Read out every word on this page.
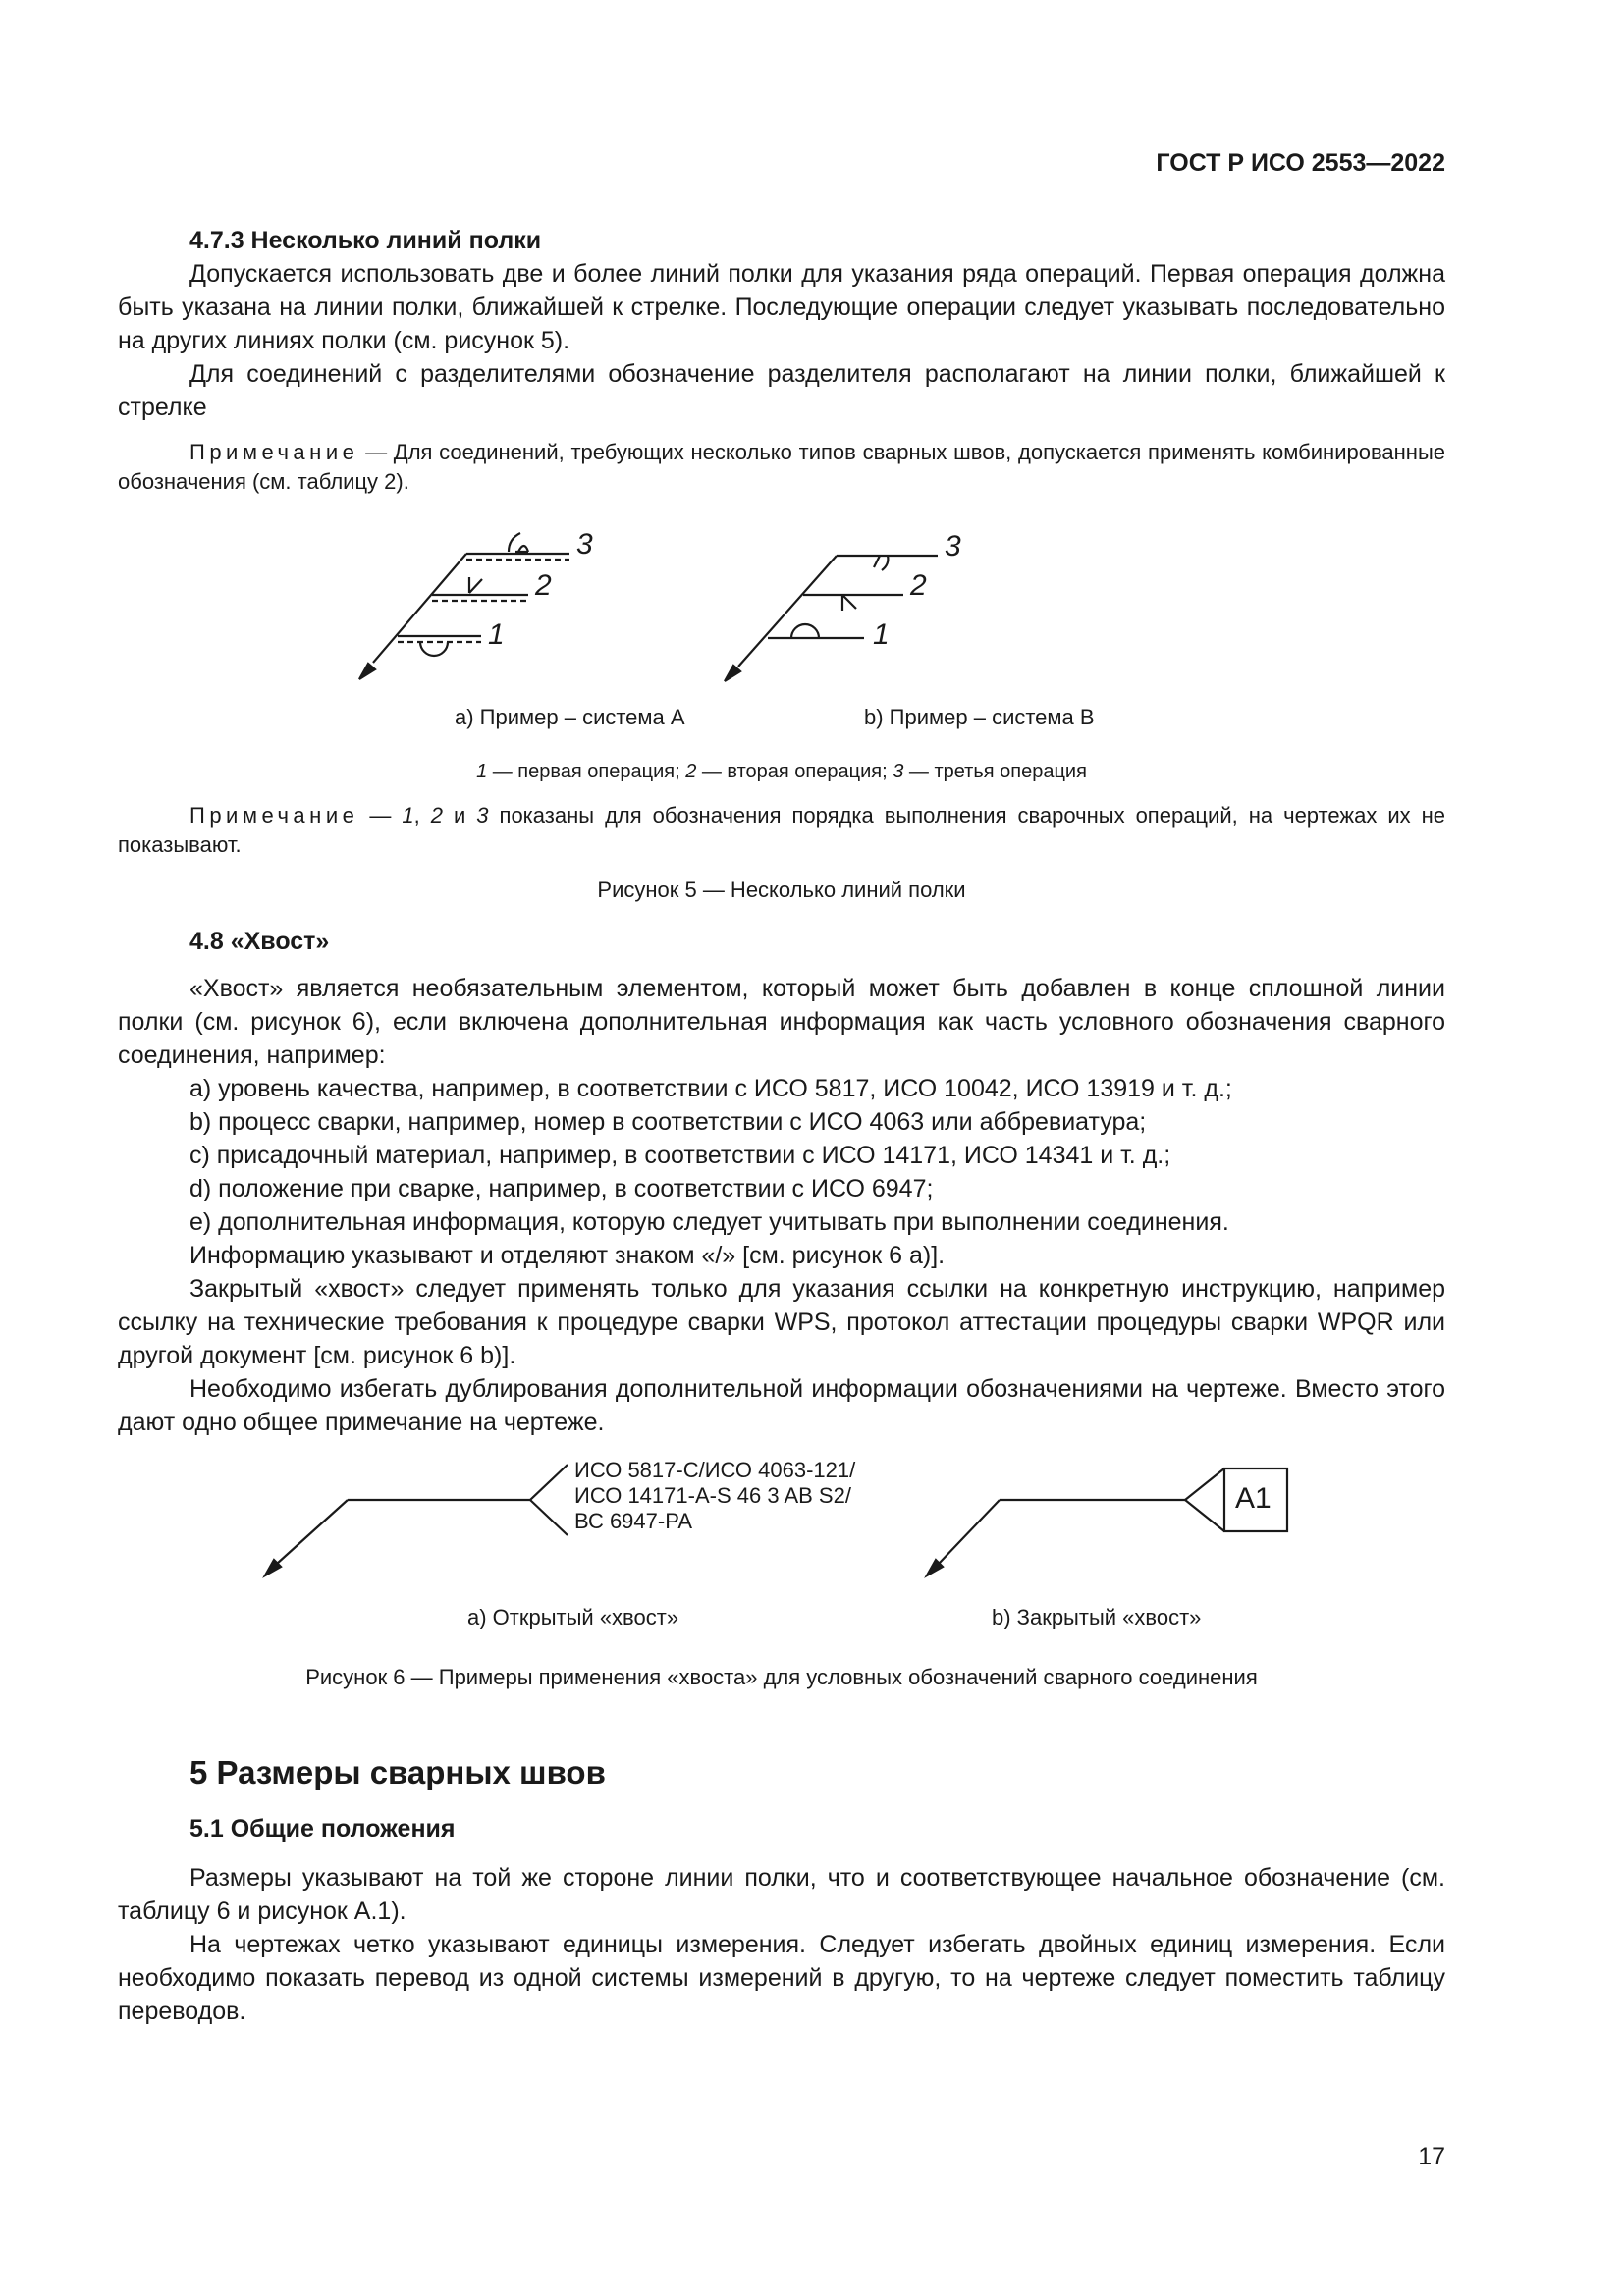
ГОСТ Р ИСО 2553—2022

4.7.3 Несколько линий полки

Допускается использовать две и более линий полки для указания ряда операций. Первая операция должна быть указана на линии полки, ближайшей к стрелке. Последующие операции следует указывать последовательно на других линиях полки (см. рисунок 5).

Для соединений с разделителями обозначение разделителя располагают на линии полки, ближайшей к стрелке

Примечание — Для соединений, требующих несколько типов сварных швов, допускается применять комбинированные обозначения (см. таблицу 2).

3
2
1
3
2
1
а) Пример – система А	b) Пример – система В

1 — первая операция; 2 — вторая операция; 3 — третья операция

Примечание — 1, 2 и 3 показаны для обозначения порядка выполнения сварочных операций, на чертежах их не показывают.

Рисунок 5 — Несколько линий полки

4.8 «Хвост»

«Хвост» является необязательным элементом, который может быть добавлен в конце сплошной линии полки (см. рисунок 6), если включена дополнительная информация как часть условного обозначения сварного соединения, например:

а) уровень качества, например, в соответствии с ИСО 5817, ИСО 10042, ИСО 13919 и т. д.;

b) процесс сварки, например, номер в соответствии с ИСО 4063 или аббревиатура;

с) присадочный материал, например, в соответствии с ИСО 14171, ИСО 14341 и т. д.;

d) положение при сварке, например, в соответствии с ИСО 6947;

е) дополнительная информация, которую следует учитывать при выполнении соединения.

Информацию указывают и отделяют знаком «/» [см. рисунок 6 а)].

Закрытый «хвост» следует применять только для указания ссылки на конкретную инструкцию, например ссылку на технические требования к процедуре сварки WPS, протокол аттестации процедуры сварки WPQR или другой документ [см. рисунок 6 b)].

Необходимо избегать дублирования дополнительной информации обозначениями на чертеже. Вместо этого дают одно общее примечание на чертеже.

ИСО 5817-С/ИСО 4063-121/
ИСО 14171-А-S 46 3 AB S2/
ВС 6947-РА
А1
а) Открытый «хвост»	b) Закрытый «хвост»

Рисунок 6 — Примеры применения «хвоста» для условных обозначений сварного соединения

5 Размеры сварных швов

5.1 Общие положения

Размеры указывают на той же стороне линии полки, что и соответствующее начальное обозначение (см. таблицу 6 и рисунок А.1).

На чертежах четко указывают единицы измерения. Следует избегать двойных единиц измерения. Если необходимо показать перевод из одной системы измерений в другую, то на чертеже следует поместить таблицу переводов.

17
